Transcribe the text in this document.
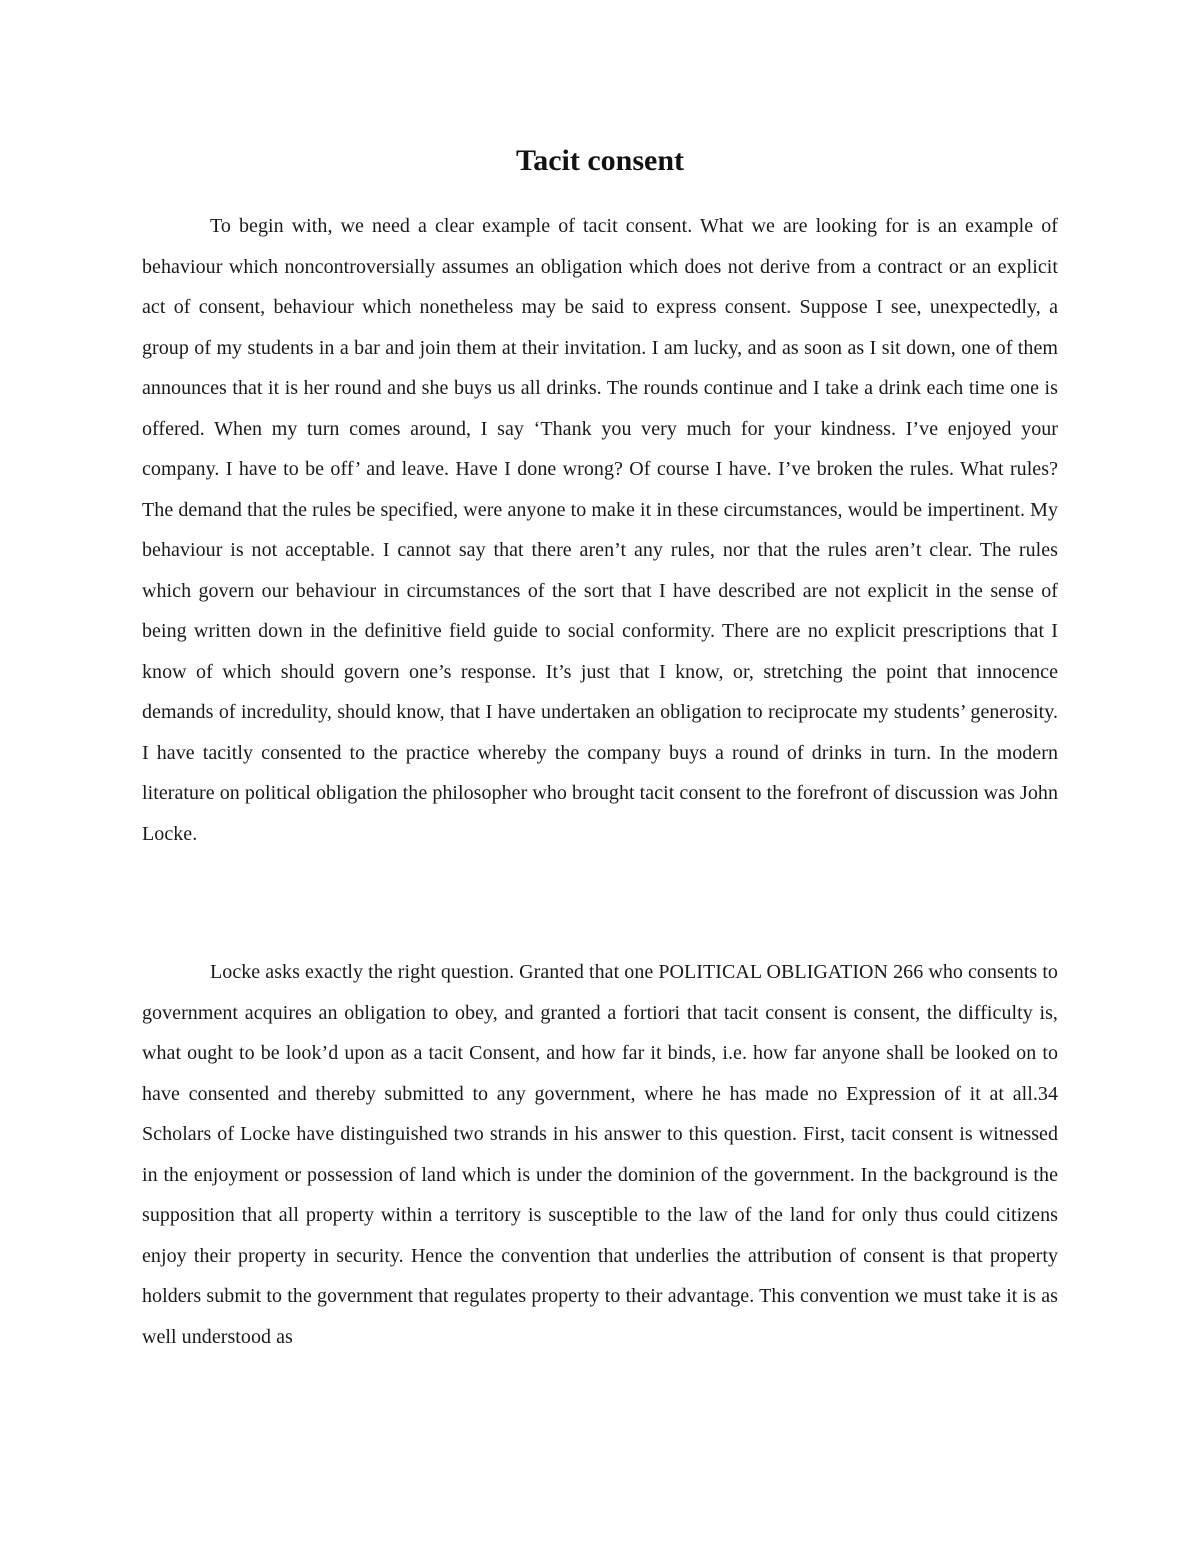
Tacit consent

To begin with, we need a clear example of tacit consent. What we are looking for is an example of behaviour which noncontroversially assumes an obligation which does not derive from a contract or an explicit act of consent, behaviour which nonetheless may be said to express consent. Suppose I see, unexpectedly, a group of my students in a bar and join them at their invitation. I am lucky, and as soon as I sit down, one of them announces that it is her round and she buys us all drinks. The rounds continue and I take a drink each time one is offered. When my turn comes around, I say ‘Thank you very much for your kindness. I’ve enjoyed your company. I have to be off’ and leave. Have I done wrong? Of course I have. I’ve broken the rules. What rules? The demand that the rules be specified, were anyone to make it in these circumstances, would be impertinent. My behaviour is not acceptable. I cannot say that there aren’t any rules, nor that the rules aren’t clear. The rules which govern our behaviour in circumstances of the sort that I have described are not explicit in the sense of being written down in the definitive field guide to social conformity. There are no explicit prescriptions that I know of which should govern one’s response. It’s just that I know, or, stretching the point that innocence demands of incredulity, should know, that I have undertaken an obligation to reciprocate my students’ generosity. I have tacitly consented to the practice whereby the company buys a round of drinks in turn. In the modern literature on political obligation the philosopher who brought tacit consent to the forefront of discussion was John Locke.

Locke asks exactly the right question. Granted that one POLITICAL OBLIGATION 266 who consents to government acquires an obligation to obey, and granted a fortiori that tacit consent is consent, the difficulty is, what ought to be look’d upon as a tacit Consent, and how far it binds, i.e. how far anyone shall be looked on to have consented and thereby submitted to any government, where he has made no Expression of it at all.34 Scholars of Locke have distinguished two strands in his answer to this question. First, tacit consent is witnessed in the enjoyment or possession of land which is under the dominion of the government. In the background is the supposition that all property within a territory is susceptible to the law of the land for only thus could citizens enjoy their property in security. Hence the convention that underlies the attribution of consent is that property holders submit to the government that regulates property to their advantage. This convention we must take it is as well understood as
